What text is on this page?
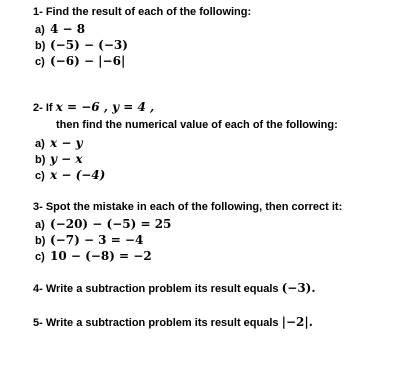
1- Find the result of each of the following:
a) 4 − 8
b) (−5) − (−3)
c) (−6) − |−6|
2- If x = −6 , y = 4 ,
then find the numerical value of each of the following:
a) x − y
b) y − x
c) x − (−4)
3- Spot the mistake in each of the following, then correct it:
a) (−20) − (−5) = 25
b) (−7) − 3 = −4
c) 10 − (−8) = −2
4- Write a subtraction problem its result equals (−3).
5- Write a subtraction problem its result equals |−2|.
